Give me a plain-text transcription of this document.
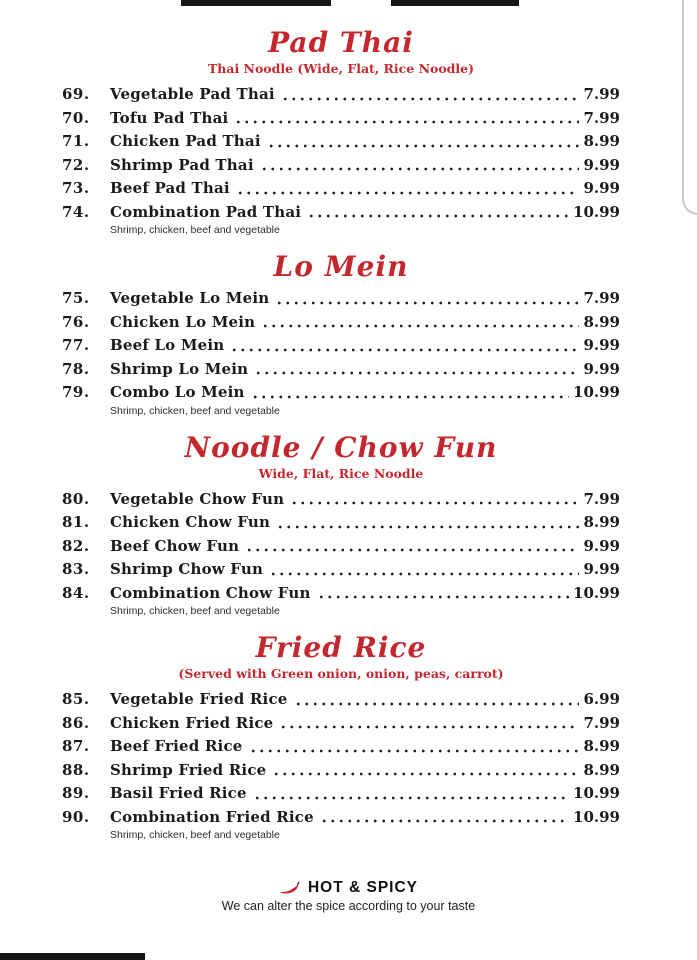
Pad Thai
Thai Noodle (Wide, Flat, Rice Noodle)
69.	Vegetable Pad Thai	7.99
70.	Tofu Pad Thai	7.99
71.	Chicken Pad Thai	8.99
72.	Shrimp Pad Thai	9.99
73.	Beef Pad Thai	9.99
74.	Combination Pad Thai	10.99
Shrimp, chicken, beef and vegetable
Lo Mein
75.	Vegetable Lo Mein	7.99
76.	Chicken Lo Mein	8.99
77.	Beef Lo Mein	9.99
78.	Shrimp Lo Mein	9.99
79.	Combo Lo Mein	10.99
Shrimp, chicken, beef and vegetable
Noodle / Chow Fun
Wide, Flat, Rice Noodle
80.	Vegetable Chow Fun	7.99
81.	Chicken Chow Fun	8.99
82.	Beef Chow Fun	9.99
83.	Shrimp Chow Fun	9.99
84.	Combination Chow Fun	10.99
Shrimp, chicken, beef and vegetable
Fried Rice
(Served with Green onion, onion, peas, carrot)
85.	Vegetable Fried Rice	6.99
86.	Chicken Fried Rice	7.99
87.	Beef Fried Rice	8.99
88.	Shrimp Fried Rice	8.99
89.	Basil Fried Rice	10.99
90.	Combination Fried Rice	10.99
Shrimp, chicken, beef and vegetable
HOT & SPICY
We can alter the spice according to your taste
